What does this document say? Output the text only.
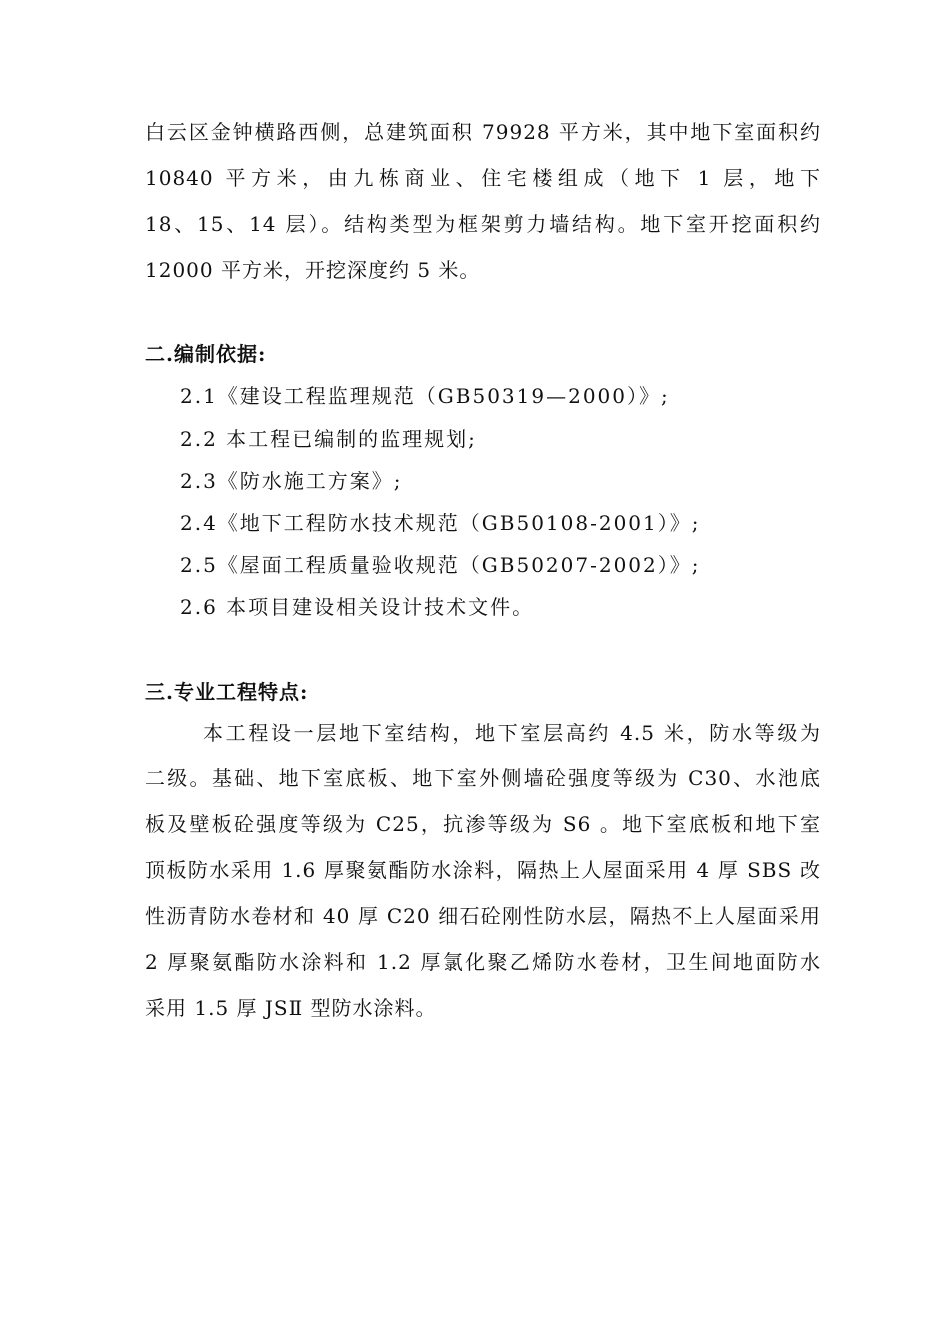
白云区金钟横路西侧，总建筑面积 79928 平方米，其中地下室面积约
10840 平方米，由九栋商业、住宅楼组成（地下 1 层，地下
18、15、14 层）。结构类型为框架剪力墙结构。地下室开挖面积约
12000 平方米，开挖深度约 5 米。
二.编制依据:
2.1《建设工程监理规范（GB50319—2000）》;
2.2 本工程已编制的监理规划;
2.3《防水施工方案》;
2.4《地下工程防水技术规范（GB50108-2001）》;
2.5《屋面工程质量验收规范（GB50207-2002）》;
2.6 本项目建设相关设计技术文件。
三.专业工程特点:
本工程设一层地下室结构，地下室层高约 4.5 米，防水等级为
二级。基础、地下室底板、地下室外侧墙砼强度等级为 C30、水池底
板及壁板砼强度等级为 C25，抗渗等级为 S6 。地下室底板和地下室
顶板防水采用 1.6 厚聚氨酯防水涂料，隔热上人屋面采用 4 厚 SBS 改
性沥青防水卷材和 40 厚 C20 细石砼刚性防水层，隔热不上人屋面采用
2 厚聚氨酯防水涂料和 1.2 厚氯化聚乙烯防水卷材，卫生间地面防水
采用 1.5 厚 JSⅡ 型防水涂料。
